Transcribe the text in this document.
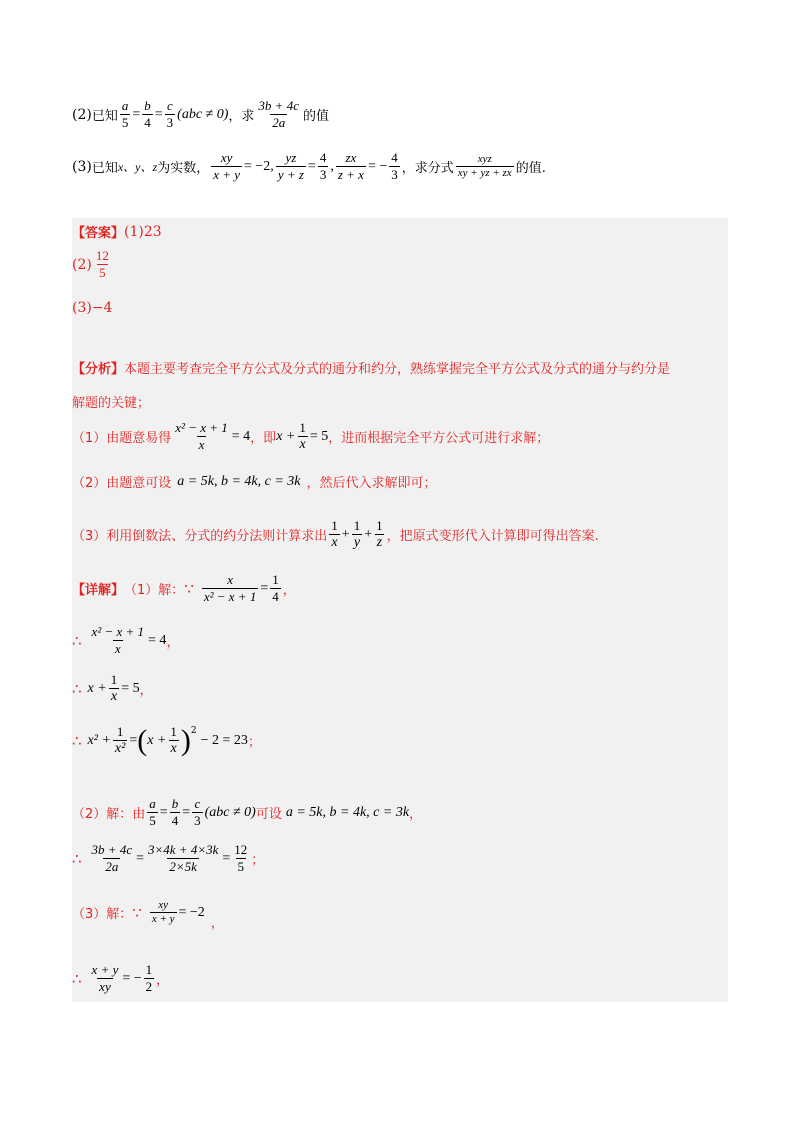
(2) 已知 $\frac{a}{5} = \frac{b}{4} = \frac{c}{3} (abc \ne 0)$ ，求 $\frac{3b + 4c}{2a}$ 的值
(3) 已知 x、y、z 为实数， $\frac{xy}{x + y} = -2$, $\frac{yz}{y + z} = \frac{4}{3}$ , $\frac{zx}{z + x}$ = − $\frac{4}{3}$ ，求分式 $\frac{\text{xyz}}{xy + yz + zx}$ 的值.
【答案】 (1)23
$(2) \frac{12}{5}$
(3)−4
【分析】 本题主要考查完全平方公式及分式的通分和约分，熟练掌握完全平方公式及分式的通分与约分是
解题的关键；
（1）由题意易得 $\frac{\text{x² − x + 1}}{x} = 4$ ，即 $x + \frac{1}{x} = 5$ ，进而根据完全平方公式可进行求解；
（2）由题意可设 a = 5k, b = 4k, c = 3k ，然后代入求解即可；
（3）利用倒数法、分式的约分法则计算求出 $\frac{1}{x} + \frac{1}{y} + \frac{1}{z}$ ，把原式变形代入计算即可得出答案.
【详解】 （1）解： ∵ $\frac{x}{\text{x² − x + 1}} = \frac{1}{4}$ ，
∴ $\frac{\text{x² − x + 1}}{x} = 4$ ，
∴ $x + \frac{1}{x} = 5$ ，
∴ $x^2 + \frac{1}{\text{x²}}$ = ( $x + \frac{1}{x} )^2$
− 2 = 23 ；
（2）解：由 $\frac{a}{5} = \frac{b}{4} = \frac{c}{3} (abc \ne 0)$ 可设 a = 5k, b = 4k, c = 3k ，
∴ $\frac{3b + 4c}{2a} = \frac{3\times 4k + 4\times 3k}{2\times 5k} = \frac{12}{5}$ ；
（3）解： ∵ $\frac{xy}{x + y} = -2$
，
∴ $\frac{x + y}{xy}$ = − $\frac{1}{2}$ ，
